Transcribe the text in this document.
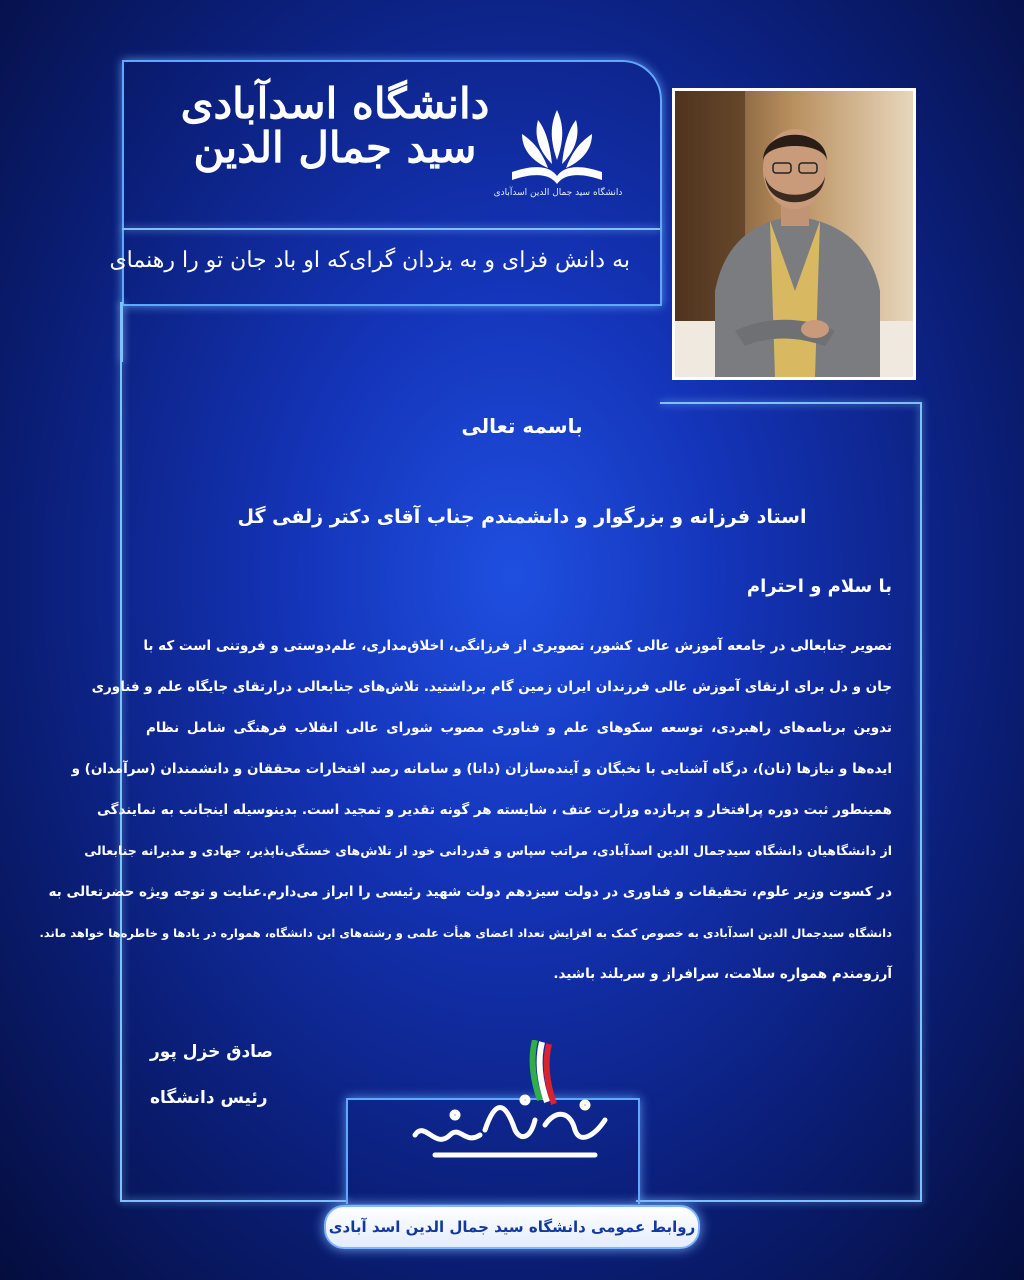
دانشگاه اسدآبادی
سید جمال الدین
دانشگاه سید جمال الدین اسدآبادی
به دانش فزای و به یزدان گرای
که او باد جان تو را رهنمای
باسمه تعالی
استاد فرزانه و بزرگوار و دانشمندم جناب آقای دکتر زلفی گل
با سلام و احترام
تصویر جنابعالی در جامعه آموزش عالی کشور، تصویری از فرزانگی، اخلاق‌مداری، علم‌دوستی و فروتنی است که با
جان و دل برای ارتقای آموزش عالی فرزندان ایران زمین گام برداشتید. تلاش‌های جنابعالی درارتقای جایگاه علم و فناوری
تدوین برنامه‌های راهبردی، توسعه سکوهای علم و فناوری مصوب شورای عالی انقلاب فرهنگی شامل نظام
ایده‌ها و نیازها (نان)، درگاه آشنایی با نخبگان و آینده‌سازان (دانا) و سامانه رصد افتخارات محققان و دانشمندان (سرآمدان) و
همینطور ثبت دوره پرافتخار و پربازده وزارت عتف ، شایسته هر گونه تقدیر و تمجید است. بدینوسیله اینجانب به نمایندگی
از دانشگاهیان دانشگاه سیدجمال الدین اسدآبادی، مراتب سپاس و قدردانی خود از تلاش‌های خستگی‌ناپذیر، جهادی و مدبرانه جنابعالی
در کسوت وزیر علوم، تحقیقات و فناوری در دولت سیزدهم دولت شهید رئیسی را ابراز می‌دارم.عنایت و توجه ویژه حضرتعالی به
دانشگاه سیدجمال الدین اسدآبادی به خصوص کمک به افزایش تعداد اعضای هیأت علمی و رشته‌های این دانشگاه، همواره در یادها و خاطره‌ها خواهد ماند.
آرزومندم همواره سلامت، سرافراز و سربلند باشید.
صادق خزل پور
رئیس دانشگاه
روابط عمومی دانشگاه سید جمال الدین اسد آبادی
